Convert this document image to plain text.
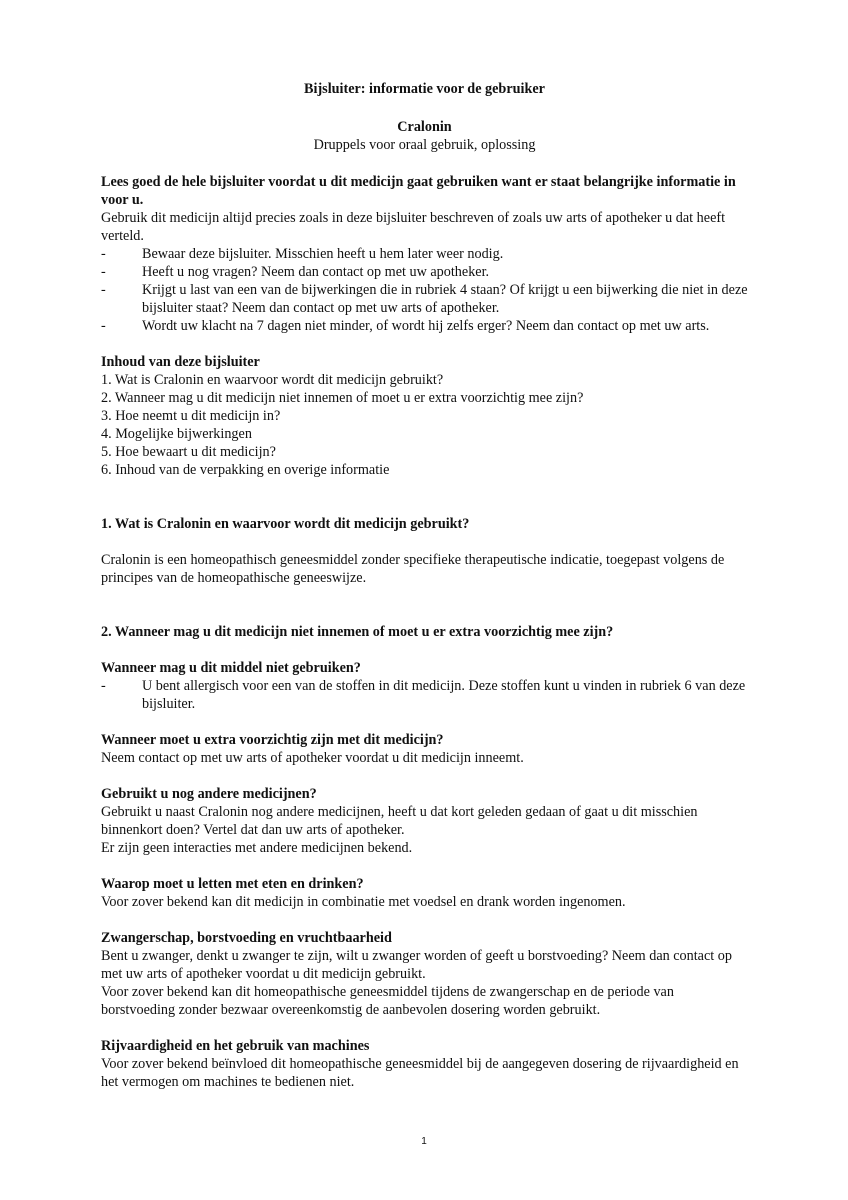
Bijsluiter: informatie voor de gebruiker

Cralonin

Druppels voor oraal gebruik, oplossing

Lees goed de hele bijsluiter voordat u dit medicijn gaat gebruiken want er staat belangrijke informatie in voor u.

Gebruik dit medicijn altijd precies zoals in deze bijsluiter beschreven of zoals uw arts of apotheker u dat heeft verteld.

-	Bewaar deze bijsluiter. Misschien heeft u hem later weer nodig.
-	Heeft u nog vragen? Neem dan contact op met uw apotheker.
-	Krijgt u last van een van de bijwerkingen die in rubriek 4 staan? Of krijgt u een bijwerking die niet in deze bijsluiter staat? Neem dan contact op met uw arts of apotheker.
-	Wordt uw klacht na 7 dagen niet minder, of wordt hij zelfs erger? Neem dan contact op met uw arts.

Inhoud van deze bijsluiter

1. Wat is Cralonin en waarvoor wordt dit medicijn gebruikt?
2. Wanneer mag u dit medicijn niet innemen of moet u er extra voorzichtig mee zijn?
3. Hoe neemt u dit medicijn in?
4. Mogelijke bijwerkingen
5. Hoe bewaart u dit medicijn?
6. Inhoud van de verpakking en overige informatie

1. Wat is Cralonin en waarvoor wordt dit medicijn gebruikt?

Cralonin is een homeopathisch geneesmiddel zonder specifieke therapeutische indicatie, toegepast volgens de principes van de homeopathische geneeswijze.

2. Wanneer mag u dit medicijn niet innemen of moet u er extra voorzichtig mee zijn?

Wanneer mag u dit middel niet gebruiken?

-	U bent allergisch voor een van de stoffen in dit medicijn. Deze stoffen kunt u vinden in rubriek 6 van deze bijsluiter.

Wanneer moet u extra voorzichtig zijn met dit medicijn?

Neem contact op met uw arts of apotheker voordat u dit medicijn inneemt.

Gebruikt u nog andere medicijnen?

Gebruikt u naast Cralonin nog andere medicijnen, heeft u dat kort geleden gedaan of gaat u dit misschien binnenkort doen? Vertel dat dan uw arts of apotheker.

Er zijn geen interacties met andere medicijnen bekend.

Waarop moet u letten met eten en drinken?

Voor zover bekend kan dit medicijn in combinatie met voedsel en drank worden ingenomen.

Zwangerschap, borstvoeding en vruchtbaarheid

Bent u zwanger, denkt u zwanger te zijn, wilt u zwanger worden of geeft u borstvoeding? Neem dan contact op met uw arts of apotheker voordat u dit medicijn gebruikt.

Voor zover bekend kan dit homeopathische geneesmiddel tijdens de zwangerschap en de periode van borstvoeding zonder bezwaar overeenkomstig de aanbevolen dosering worden gebruikt.

Rijvaardigheid en het gebruik van machines

Voor zover bekend beïnvloed dit homeopathische geneesmiddel bij de aangegeven dosering de rijvaardigheid en het vermogen om machines te bedienen niet.

1
